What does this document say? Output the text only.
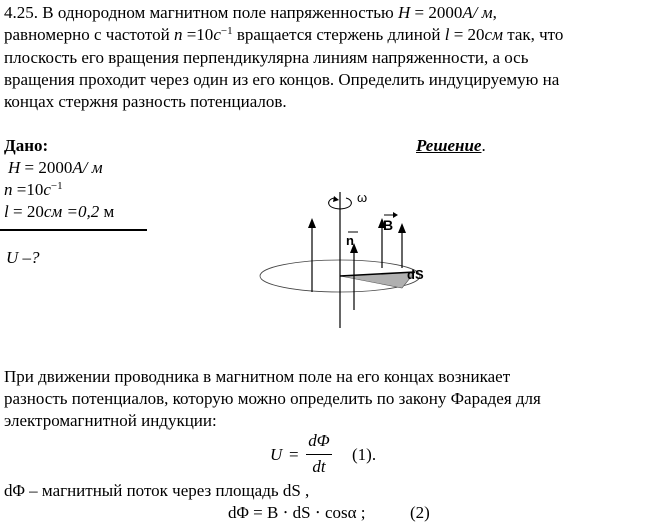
4.25. В однородном магнитном поле напряженностью H = 2000A/ м,
равномерно с частотой $n =10c^{-1}$ вращается стержень длиной l = 20см так, что
плоскость его вращения перпендикулярна линиям напряженности, а ось
вращения проходит через один из его концов. Определить индуцируемую на
концах стержня разность потенциалов.
Дано:
H = 2000A/ м
$n =10c^{-1}$
l = 20см =0,2 м
U –?
Решение.
ω
n
B
dS
При движении проводника в магнитном поле на его концах возникает
разность потенциалов, которую можно определить по закону Фарадея для
электромагнитной индукции:
U =
dΦ
dt
(1).
dΦ – магнитный поток через площадь dS ,
dΦ = B ⋅ dS ⋅ cosα ;	(2)
